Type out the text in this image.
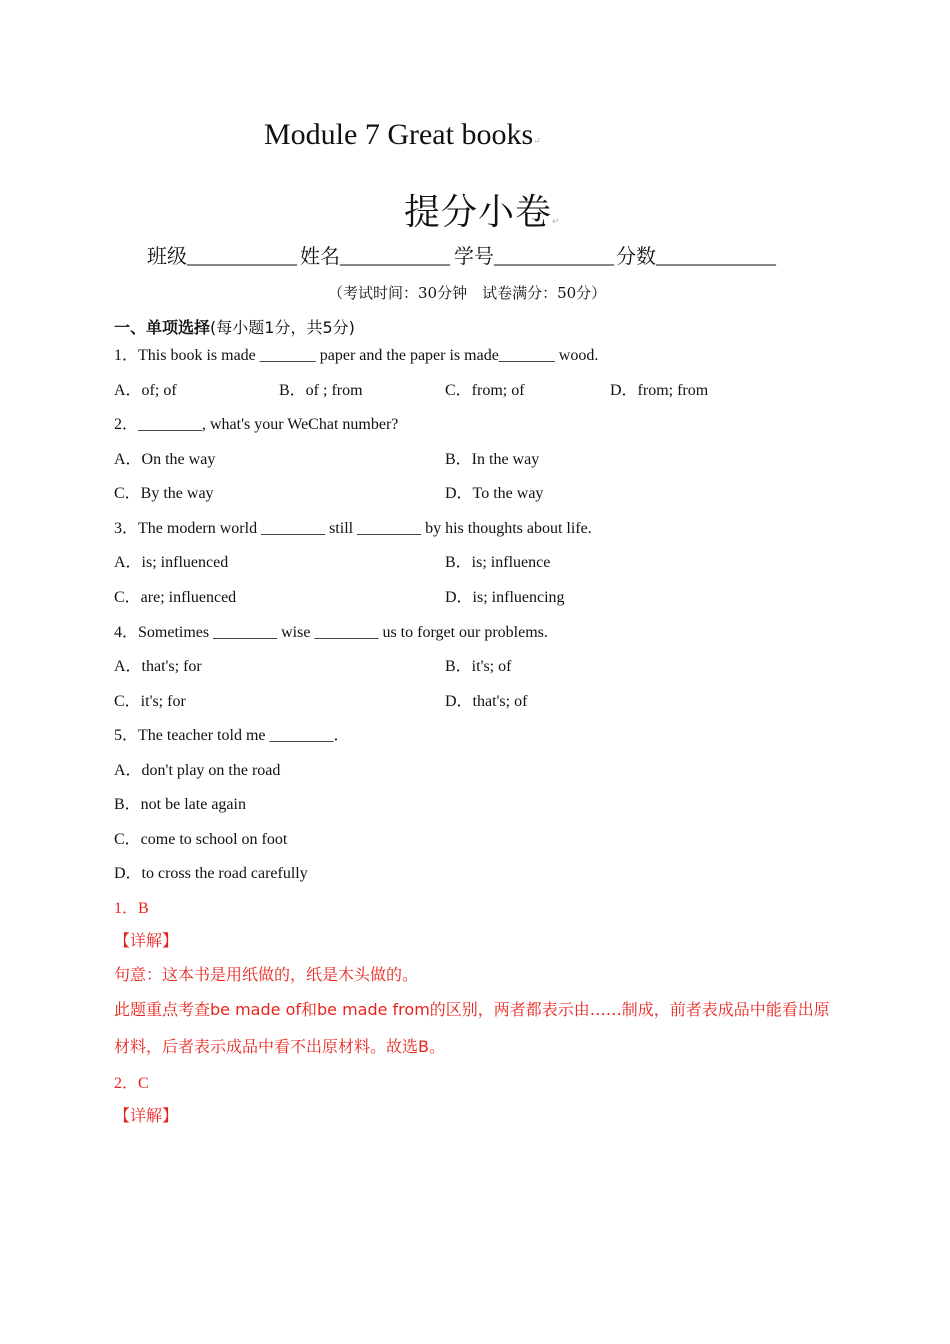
Module 7 Great books↵
提分小卷↵
班级___________ 姓名___________ 学号____________ 分数____________
（考试时间：30分钟　试卷满分：50分）
一、单项选择(每小题1分，共5分)
1．This book is made _______ paper and the paper is made_______ wood.
A．of; of	B．of ; from	C．from; of	D．from; from
2．________, what's your WeChat number?
A．On the way	B．In the way
C．By the way	D．To the way
3．The modern world ________ still ________ by his thoughts about life.
A．is; influenced	B．is; influence
C．are; influenced	D．is; influencing
4．Sometimes ________ wise ________ us to forget our problems.
A．that's; for	B．it's; of
C．it's; for	D．that's; of
5．The teacher told me ________．
A．don't play on the road
B．not be late again
C．come to school on foot
D．to cross the road carefully
1．B
【详解】
句意：这本书是用纸做的，纸是木头做的。
此题重点考查be made of和be made from的区别，两者都表示由……制成，前者表成品中能看出原
材料，后者表示成品中看不出原材料。故选B。
2．C
【详解】
